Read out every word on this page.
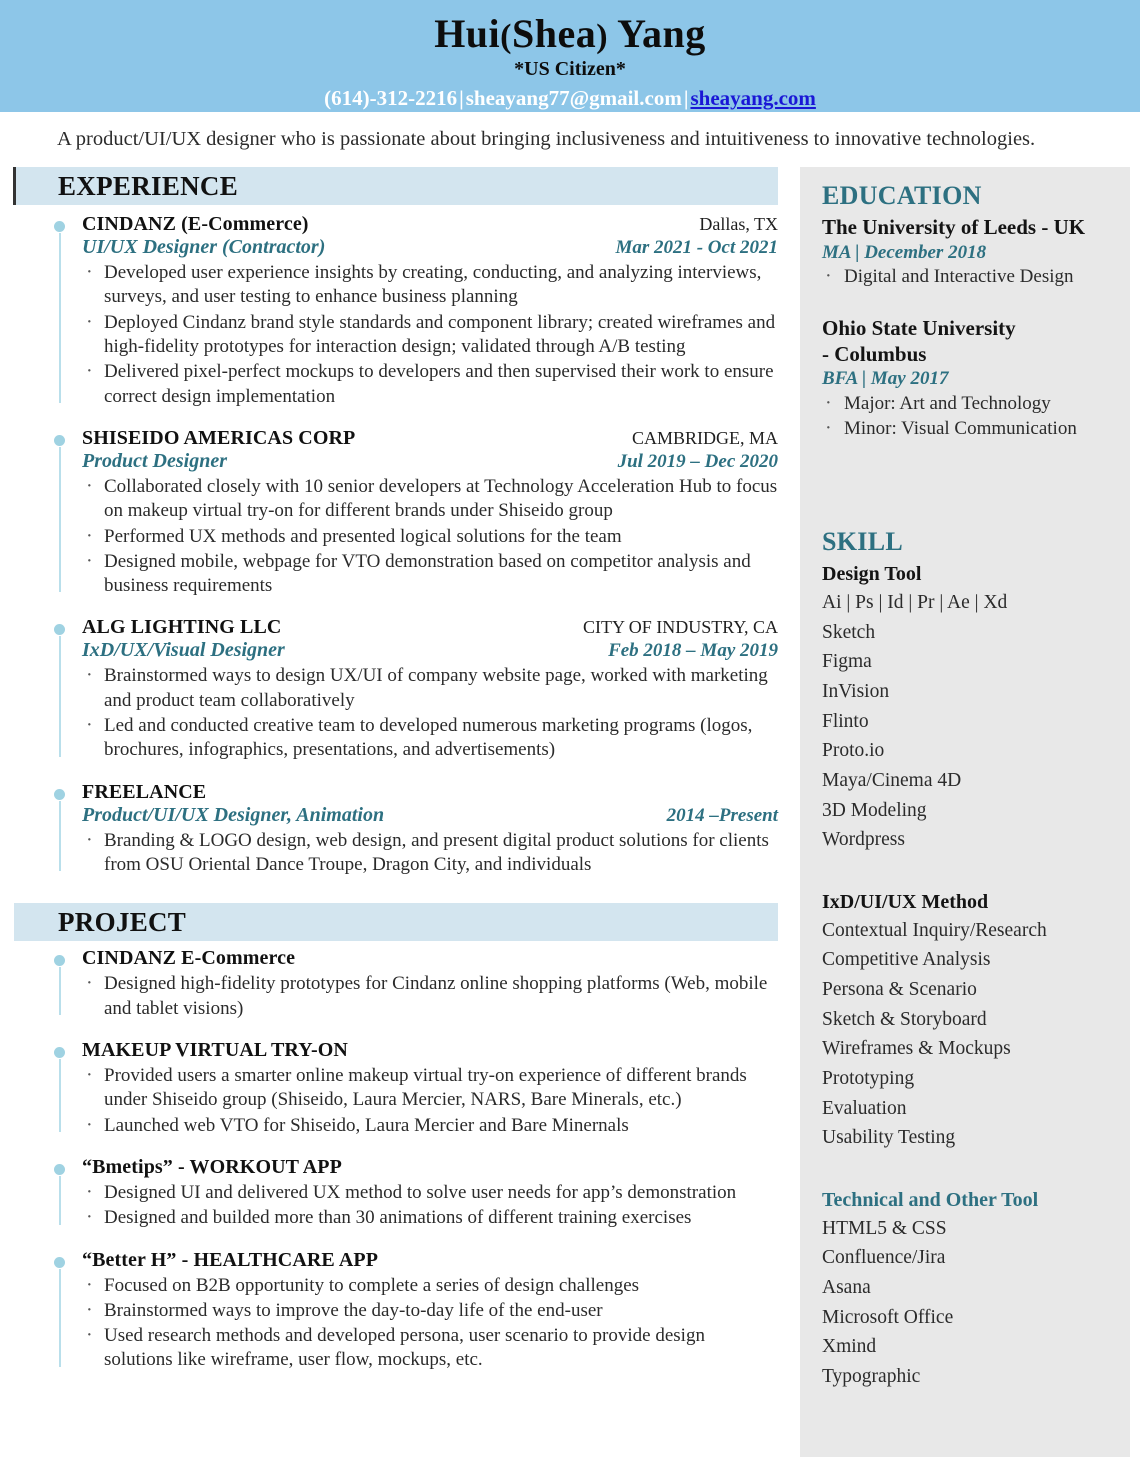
Hui(Shea) Yang
*US Citizen*
(614)-312-2216|sheayang77@gmail.com|sheayang.com
A product/UI/UX designer who is passionate about bringing inclusiveness and intuitiveness to innovative technologies.
EXPERIENCE
CINDANZ (E-Commerce)	Dallas, TX
UI/UX Designer (Contractor)	Mar 2021 - Oct 2021
· Developed user experience insights by creating, conducting, and analyzing interviews, surveys, and user testing to enhance business planning
· Deployed Cindanz brand style standards and component library; created wireframes and high-fidelity prototypes for interaction design; validated through A/B testing
· Delivered pixel-perfect mockups to developers and then supervised their work to ensure correct design implementation
SHISEIDO AMERICAS CORP	CAMBRIDGE, MA
Product Designer	Jul 2019 – Dec 2020
· Collaborated closely with 10 senior developers at Technology Acceleration Hub to focus on makeup virtual try-on for different brands under Shiseido group
· Performed UX methods and presented logical solutions for the team
· Designed mobile, webpage for VTO demonstration based on competitor analysis and business requirements
ALG LIGHTING LLC	CITY OF INDUSTRY, CA
IxD/UX/Visual Designer	Feb 2018 – May 2019
· Brainstormed ways to design UX/UI of company website page, worked with marketing and product team collaboratively
· Led and conducted creative team to developed numerous marketing programs (logos, brochures, infographics, presentations, and advertisements)
FREELANCE
Product/UI/UX Designer, Animation	2014 –Present
· Branding & LOGO design, web design, and present digital product solutions for clients from OSU Oriental Dance Troupe, Dragon City, and individuals
PROJECT
CINDANZ E-Commerce
· Designed high-fidelity prototypes for Cindanz online shopping platforms (Web, mobile and tablet visions)
MAKEUP VIRTUAL TRY-ON
· Provided users a smarter online makeup virtual try-on experience of different brands under Shiseido group (Shiseido, Laura Mercier, NARS, Bare Minerals, etc.)
· Launched web VTO for Shiseido, Laura Mercier and Bare Minernals
“Bmetips” - WORKOUT APP
· Designed UI and delivered UX method to solve user needs for app’s demonstration
· Designed and builded more than 30 animations of different training exercises
“Better H” - HEALTHCARE APP
· Focused on B2B opportunity to complete a series of design challenges
· Brainstormed ways to improve the day-to-day life of the end-user
· Used research methods and developed persona, user scenario to provide design solutions like wireframe, user flow, mockups, etc.
EDUCATION
The University of Leeds - UK
MA | December 2018
· Digital and Interactive Design
Ohio State University
- Columbus
BFA | May 2017
· Major: Art and Technology
· Minor: Visual Communication
SKILL
Design Tool
Ai | Ps | Id | Pr | Ae | Xd
Sketch
Figma
InVision
Flinto
Proto.io
Maya/Cinema 4D
3D Modeling
Wordpress
IxD/UI/UX Method
Contextual Inquiry/Research
Competitive Analysis
Persona & Scenario
Sketch & Storyboard
Wireframes & Mockups
Prototyping
Evaluation
Usability Testing
Technical and Other Tool
HTML5 & CSS
Confluence/Jira
Asana
Microsoft Office
Xmind
Typographic
